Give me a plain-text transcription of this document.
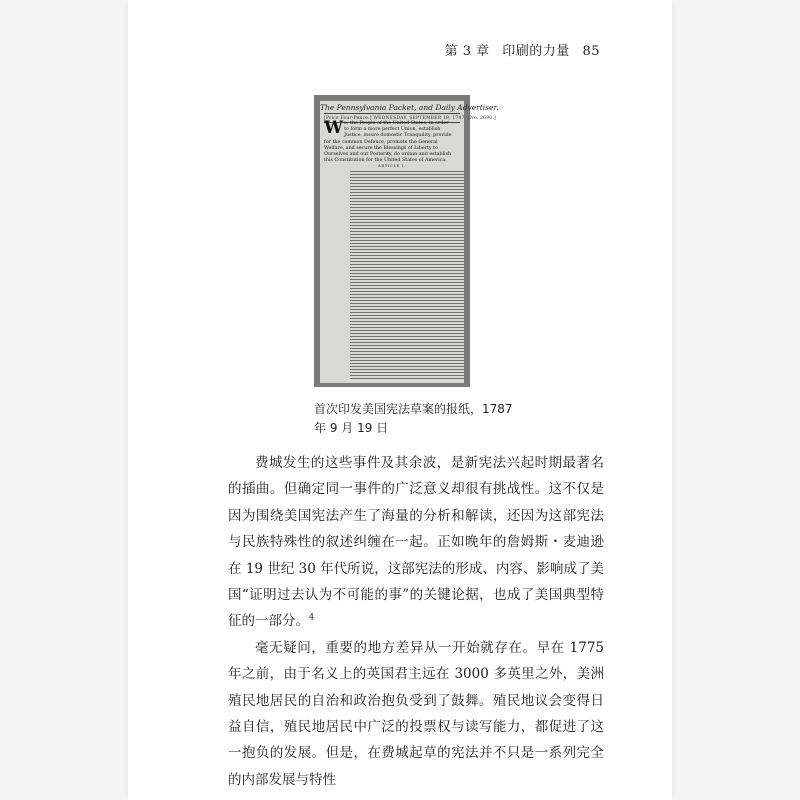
第 3 章 印刷的力量 85
The Pennsylvania Packet, and Daily Advertiser.
[Price Four-Pence.] WEDNESDAY, SEPTEMBER 19, 1787. [No. 2690.]
We, the People of the United States, in order to form a more perfect Union, establish Justice, insure domestic Tranquility, provide for the common Defence, promote the General Welfare, and secure the Blessings of Liberty to Ourselves and our Posterity, do ordain and establish this Constitution for the United States of America.
ARTICLE I.
首次印发美国宪法草案的报纸，1787 年 9 月 19 日

费城发生的这些事件及其余波，是新宪法兴起时期最著名的插曲。但确定同一事件的广泛意义却很有挑战性。这不仅是因为围绕美国宪法产生了海量的分析和解读，还因为这部宪法与民族特殊性的叙述纠缠在一起。正如晚年的詹姆斯・麦迪逊在 19 世纪 30 年代所说，这部宪法的形成、内容、影响成了美国“证明过去认为不可能的事”的关键论据，也成了美国典型特征的一部分。$^4$

毫无疑问，重要的地方差异从一开始就存在。早在 1775 年之前，由于名义上的英国君主远在 3000 多英里之外，美洲殖民地居民的自治和政治抱负受到了鼓舞。殖民地议会变得日益自信，殖民地居民中广泛的投票权与读写能力，都促进了这一抱负的发展。但是，在费城起草的宪法并不只是一系列完全的内部发展与特性
